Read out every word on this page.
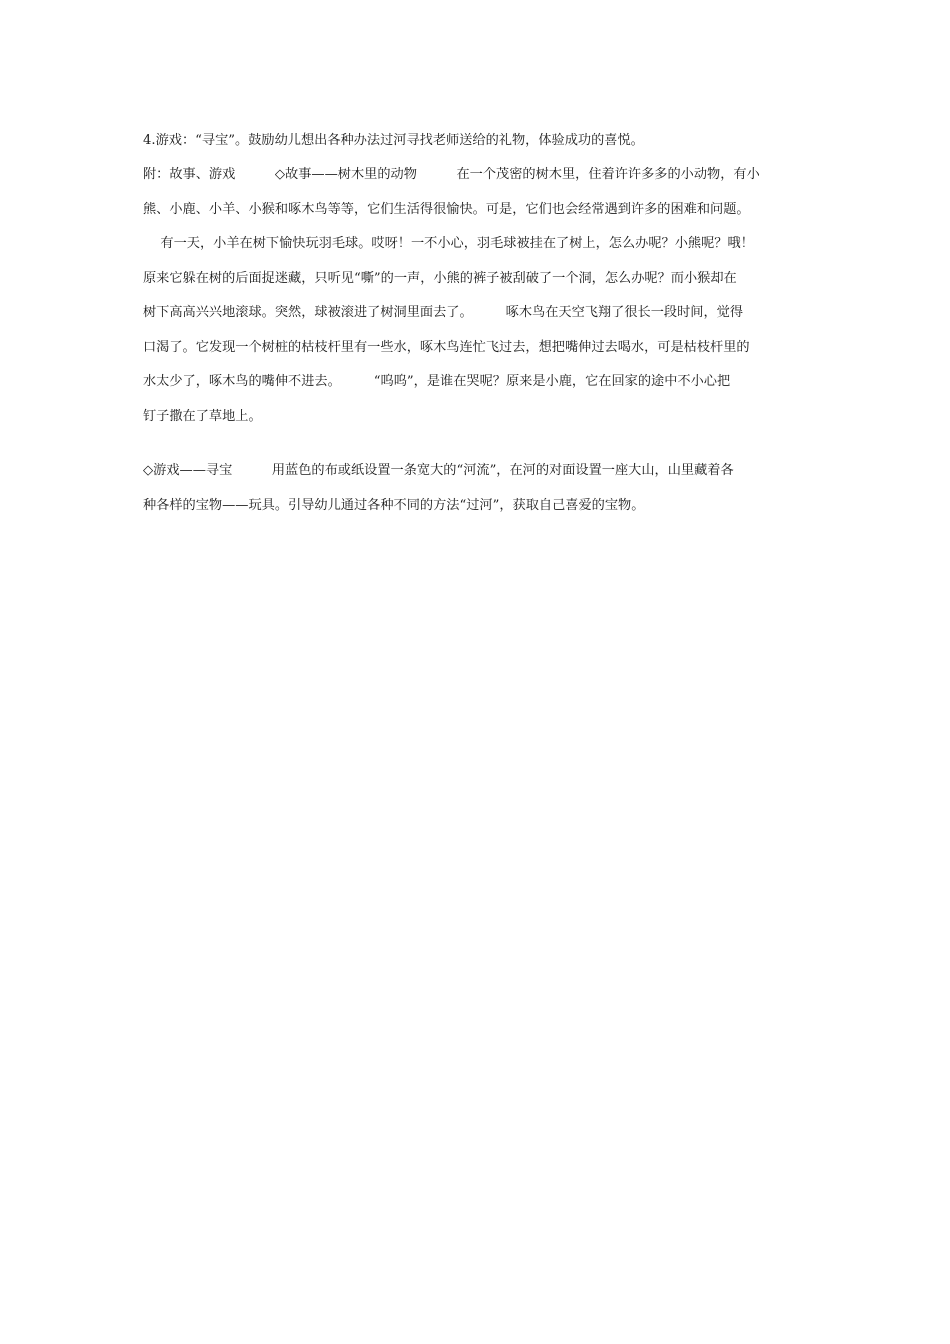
4.游戏：“寻宝”。鼓励幼儿想出各种办法过河寻找老师送给的礼物，体验成功的喜悦。
附：故事、游戏　　　◇故事——树木里的动物　　　在一个茂密的树木里，住着许许多多的小动物，有小
熊、小鹿、小羊、小猴和啄木鸟等等，它们生活得很愉快。可是，它们也会经常遇到许多的困难和问题。
　 有一天，小羊在树下愉快玩羽毛球。哎呀！一不小心，羽毛球被挂在了树上，怎么办呢？小熊呢？哦！
原来它躲在树的后面捉迷藏，只听见“嘶”的一声，小熊的裤子被刮破了一个洞，怎么办呢？而小猴却在
树下高高兴兴地滚球。突然，球被滚进了树洞里面去了。　　　啄木鸟在天空飞翔了很长一段时间，觉得
口渴了。它发现一个树桩的枯枝杆里有一些水，啄木鸟连忙飞过去，想把嘴伸过去喝水，可是枯枝杆里的
水太少了，啄木鸟的嘴伸不进去。　　　“呜呜”，是谁在哭呢？原来是小鹿，它在回家的途中不小心把
钉子撒在了草地上。
◇游戏——寻宝　　　用蓝色的布或纸设置一条宽大的“河流”，在河的对面设置一座大山，山里藏着各
种各样的宝物——玩具。引导幼儿通过各种不同的方法“过河”，获取自己喜爱的宝物。
